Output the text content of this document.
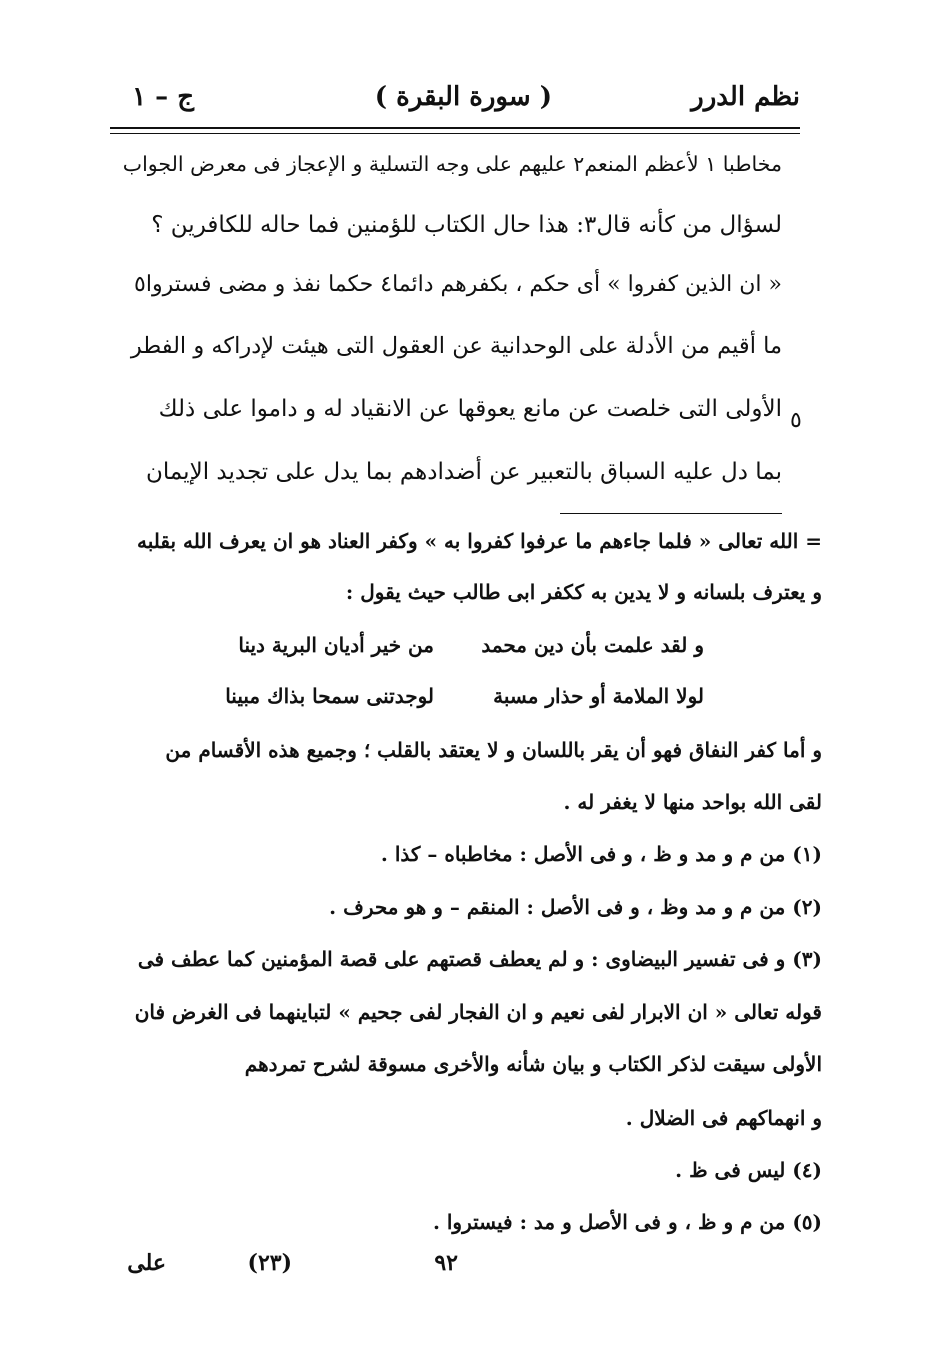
نظم الدرر
( سورة البقرة )
ج – ١
مخاطبا ١ لأعظم المنعم٢ عليهم على وجه التسلية و الإعجاز فى معرض الجواب
لسؤال من كأنه قال٣: هذا حال الكتاب للؤمنين فما حاله للكافرين ؟
« ان الذين كفروا » أى حكم ، بكفرهم دائما٤ حكما نفذ و مضى فستروا٥
ما أقيم من الأدلة على الوحدانية عن العقول التى هيئت لإدراكه و الفطر
الأولى التى خلصت عن مانع يعوقها عن الانقياد له و داموا على ذلك
بما دل عليه السباق بالتعبير عن أضدادهم بما يدل على تجديد الإيمان
٥
= الله تعالى « فلما جاءهم ما عرفوا كفروا به » وكفر العناد هو ان يعرف الله بقلبه
و يعترف بلسانه و لا يدين به ككفر ابى طالب حيث يقول :
و لقد علمت بأن دين محمد
من خير أديان البرية دينا
لولا الملامة أو حذار مسبة
لوجدتنى سمحا بذاك مبينا
و أما كفر النفاق فهو أن يقر باللسان و لا يعتقد بالقلب ؛ وجميع هذه الأقسام من
لقى الله بواحد منها لا يغفر له .
(١) من م و مد و ظ ، و فى الأصل : مخاطباه – كذا .
(٢) من م و مد وظ ، و فى الأصل : المنقم – و هو محرف .
(٣) و فى تفسير البيضاوى : و لم يعطف قصتهم على قصة المؤمنين كما عطف فى
قوله تعالى « ان الابرار لفى نعيم و ان الفجار لفى جحيم » لتباينهما فى الغرض فان
الأولى سيقت لذكر الكتاب و بيان شأنه والأخرى مسوقة لشرح تمردهم
و انهماكهم فى الضلال .
(٤) ليس فى ظ .
(٥) من م و ظ ، و فى الأصل و مد : فيستروا .
٩٢
(٢٣)
على
